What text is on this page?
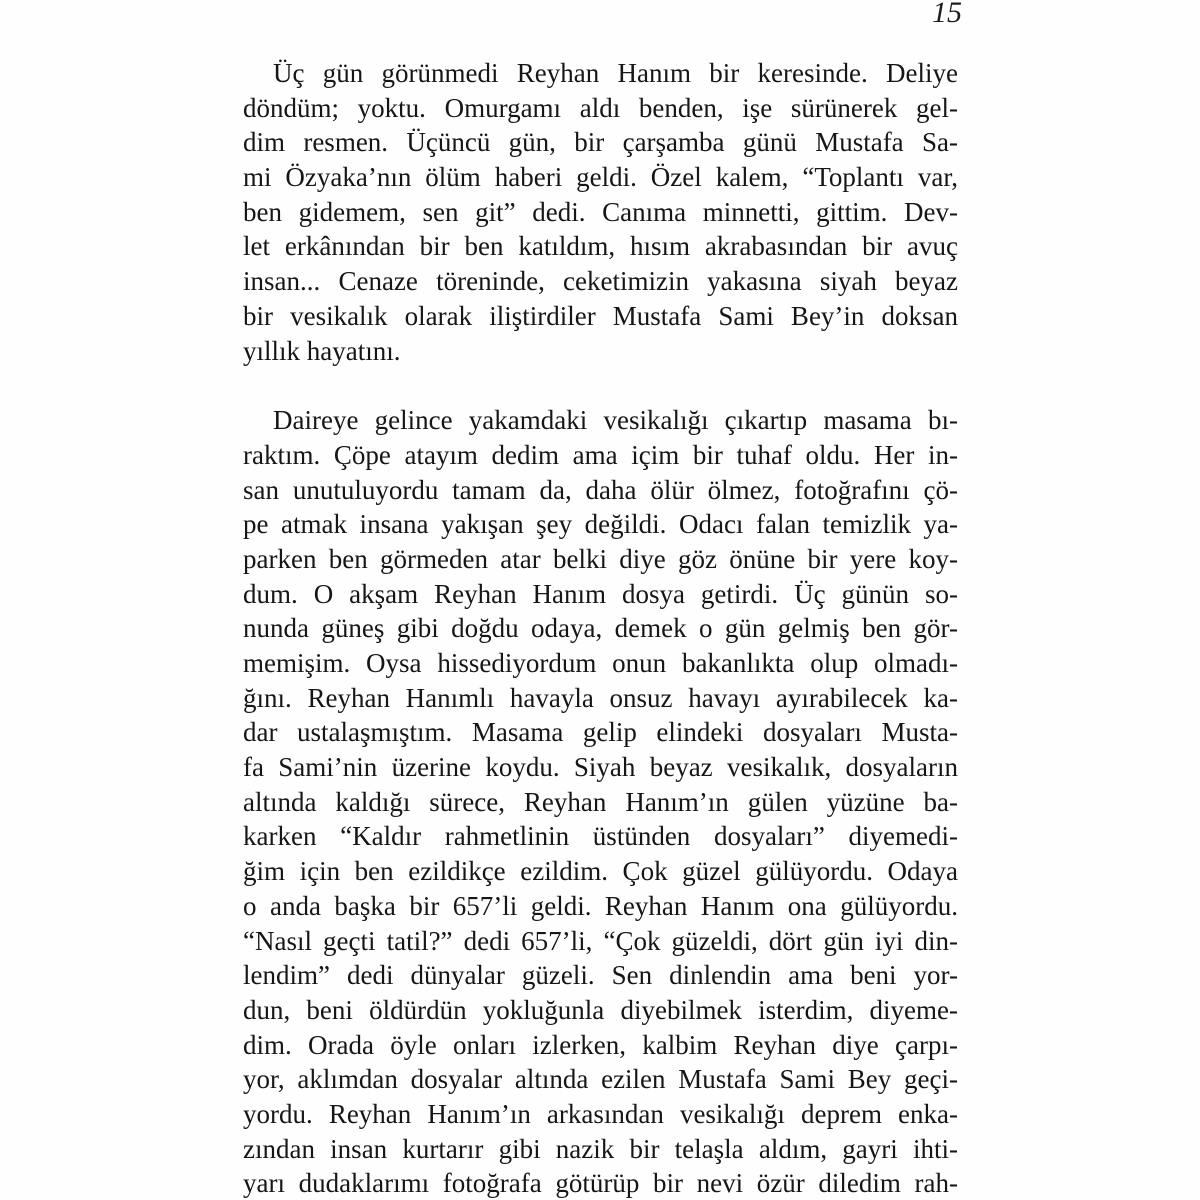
15

Üç gün görünmedi Reyhan Hanım bir keresinde. Deliye
döndüm; yoktu. Omurgamı aldı benden, işe sürünerek gel-
dim resmen. Üçüncü gün, bir çarşamba günü Mustafa Sa-
mi Özyaka’nın ölüm haberi geldi. Özel kalem, “Toplantı var,
ben gidemem, sen git” dedi. Canıma minnetti, gittim. Dev-
let erkânından bir ben katıldım, hısım akrabasından bir avuç
insan... Cenaze töreninde, ceketimizin yakasına siyah beyaz
bir vesikalık olarak iliştirdiler Mustafa Sami Bey’in doksan
yıllık hayatını.

Daireye gelince yakamdaki vesikalığı çıkartıp masama bı-
raktım. Çöpe atayım dedim ama içim bir tuhaf oldu. Her in-
san unutuluyordu tamam da, daha ölür ölmez, fotoğrafını çö-
pe atmak insana yakışan şey değildi. Odacı falan temizlik ya-
parken ben görmeden atar belki diye göz önüne bir yere koy-
dum. O akşam Reyhan Hanım dosya getirdi. Üç günün so-
nunda güneş gibi doğdu odaya, demek o gün gelmiş ben gör-
memişim. Oysa hissediyordum onun bakanlıkta olup olmadı-
ğını. Reyhan Hanımlı havayla onsuz havayı ayırabilecek ka-
dar ustalaşmıştım. Masama gelip elindeki dosyaları Musta-
fa Sami’nin üzerine koydu. Siyah beyaz vesikalık, dosyaların
altında kaldığı sürece, Reyhan Hanım’ın gülen yüzüne ba-
karken “Kaldır rahmetlinin üstünden dosyaları” diyemedi-
ğim için ben ezildikçe ezildim. Çok güzel gülüyordu. Odaya
o anda başka bir 657’li geldi. Reyhan Hanım ona gülüyordu.
“Nasıl geçti tatil?” dedi 657’li, “Çok güzeldi, dört gün iyi din-
lendim” dedi dünyalar güzeli. Sen dinlendin ama beni yor-
dun, beni öldürdün yokluğunla diyebilmek isterdim, diyeme-
dim. Orada öyle onları izlerken, kalbim Reyhan diye çarpı-
yor, aklımdan dosyalar altında ezilen Mustafa Sami Bey geçi-
yordu. Reyhan Hanım’ın arkasından vesikalığı deprem enka-
zından insan kurtarır gibi nazik bir telaşla aldım, gayri ihti-
yarı dudaklarımı fotoğrafa götürüp bir nevi özür diledim rah-
